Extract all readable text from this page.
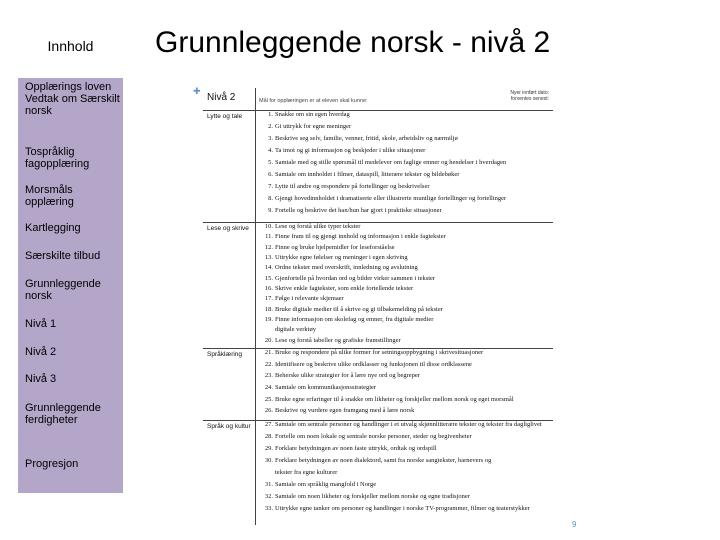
Innhold
Opplærings loven Vedtak om Særskilt norsk
Tospråklig fagopplæring
Morsmåls opplæring
Kartlegging
Særskilte tilbud
Grunnleggende norsk
Nivå 1
Nivå 2
Nivå 3
Grunnleggende ferdigheter
Progresjon
Grunnleggende norsk - nivå 2
✚
Nivå 2	Mål for opplæringen er at eleven skal kunne:
Nyer innført dato:
forventes senest:
Lytte og tale
Lese og skrive
Språklæring
Språk og kultur
1. Snakke om sin egen hverdag
2. Gi uttrykk for egne meninger
3. Beskrive seg selv, familie, venner, fritid, skole, arbeidsliv og nærmiljø
4. Ta imot og gi informasjon og beskjeder i ulike situasjoner
5. Samtale med og stille spørsmål til medelever om faglige emner og hendelser i hverdagen
6. Samtale om innholdet i filmer, dataspill, litterære tekster og bildebøker
7. Lytte til andre og respondere på fortellinger og beskrivelser
8. Gjengi hovedinnholdet i dramatiserte eller illustrerte muntlige fortellinger og fortellinger
9. Fortelle og beskrive det han/hun har gjort i praktiske situasjoner
10. Lese og forstå ulike typer tekster
11. Finne fram til og gjengi innhold og informasjon i enkle fagtekster
12. Finne og bruke hjelpemidler for leseforståelse
13. Uttrykke egne følelser og meninger i egen skriving
14. Ordne tekster med overskrift, innledning og avslutning
15. Gjenfortelle på hvordan ord og bilder virker sammen i tekster
16. Skrive enkle fagtekster, som enkle fortellende tekster
17. Følge i relevante skjemaer
18. Bruke digitale medier til å skrive og gi tilbakemelding på tekster
19. Finne informasjon om skolefag og emner, fra digitale medier
digitale verktøy
20. Lese og forstå tabeller og grafiske framstillinger
21. Bruke og respondere på ulike former for setningsoppbygning i skrivesituasjoner
22. Identifisere og beskrive ulike ordklasser og funksjonen til disse ordklassene
23. Beherske ulike strategier for å lære nye ord og begreper
24. Samtale om kommunikasjonsstrategier
25. Bruke egne erfaringer til å snakke om likheter og forskjeller mellom norsk og eget morsmål
26. Beskrive og vurdere egen framgang med å lære norsk
27. Samtale om sentrale personer og handlinger i et utvalg skjønnlitterære tekster og tekster fra dagliglivet
28. Fortelle om noen lokale og sentrale norske personer, steder og begivenheter
29. Forklare betydningen av noen faste uttrykk, ordtak og ordspill
30. Forklare betydningen av noen dialektord, samt fra norske sangtekster, barnevers og
tekster fra egne kulturer
31. Samtale om språklig mangfold i Norge
32. Samtale om noen likheter og forskjeller mellom norske og egne tradisjoner
33. Uttrykke egne tanker om personer og handlinger i norske TV-programmer, filmer og teaterstykker
9
